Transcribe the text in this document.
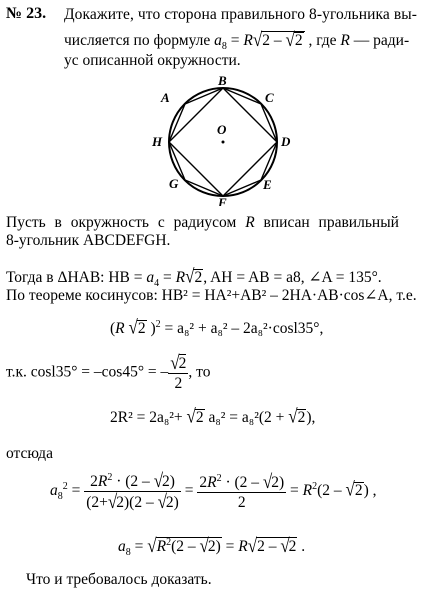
№ 23. Докажите, что сторона правильного 8-угольника вы-
числяется по формуле $a_8 = R√2 - √2$ , где R — ради-
ус описанной окружности.
A
B
C
D
E
F
G
H
O
Пусть в окружность с радиусом R вписан правильный
8-угольник ABCDEFGH.
Тогда в ΔHAB: HB = $a_4 = R√2$, AH = AB = a8, ∠A = 135°.
По теореме косинусов: HB² = HA²+AB² – 2HA·AB·cos∠A, т.е.
(R √2 )$^2$ = a₈² + a₈² – 2a₈²·cosl35°,
т.к. cosl35° = –cos45° = – $\frac{√2}{2}$ , то
2R² = 2a₈²+ √2 a₈² = a₈²(2 + √2),
отсюда
$a_8^2 = \frac{2R^2 \cdot (2 - √2)}{(2+√2)(2 - √2)} = \frac{2R^2 \cdot (2 - √2)}{2} = R^2(2 - √2)$ ,
$a_8 = √R^2(2 - √2) = R√2 - √2$ .
Что и требовалось доказать.
